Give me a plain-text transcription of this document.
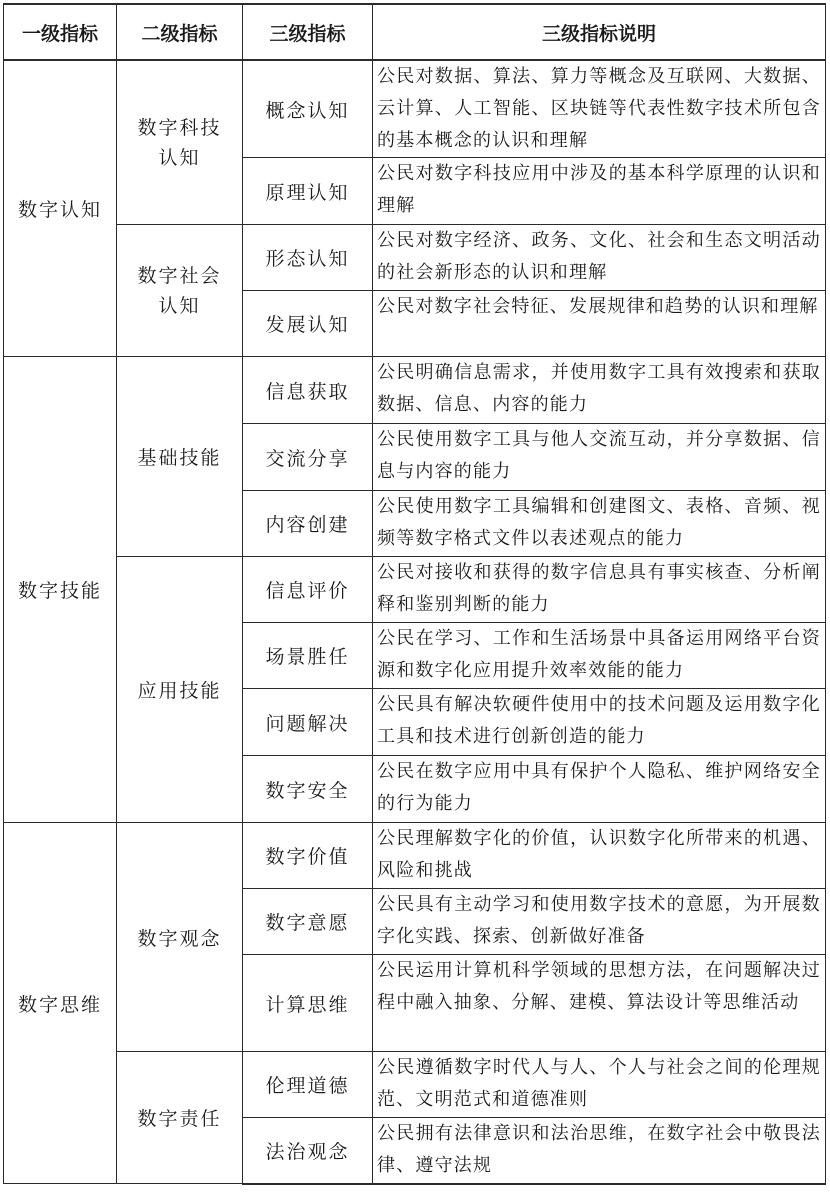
一级指标	二级指标	三级指标	三级指标说明
数字认知	数字科技认知	概念认知	公民对数据、算法、算力等概念及互联网、大数据、云计算、人工智能、区块链等代表性数字技术所包含的基本概念的认识和理解
		原理认知	公民对数字科技应用中涉及的基本科学原理的认识和理解
	数字社会认知	形态认知	公民对数字经济、政务、文化、社会和生态文明活动的社会新形态的认识和理解
		发展认知	公民对数字社会特征、发展规律和趋势的认识和理解
数字技能	基础技能	信息获取	公民明确信息需求，并使用数字工具有效搜索和获取数据、信息、内容的能力
		交流分享	公民使用数字工具与他人交流互动，并分享数据、信息与内容的能力
		内容创建	公民使用数字工具编辑和创建图文、表格、音频、视频等数字格式文件以表述观点的能力
	应用技能	信息评价	公民对接收和获得的数字信息具有事实核查、分析阐释和鉴别判断的能力
		场景胜任	公民在学习、工作和生活场景中具备运用网络平台资源和数字化应用提升效率效能的能力
		问题解决	公民具有解决软硬件使用中的技术问题及运用数字化工具和技术进行创新创造的能力
		数字安全	公民在数字应用中具有保护个人隐私、维护网络安全的行为能力
数字思维	数字观念	数字价值	公民理解数字化的价值，认识数字化所带来的机遇、风险和挑战
		数字意愿	公民具有主动学习和使用数字技术的意愿，为开展数字化实践、探索、创新做好准备
		计算思维	公民运用计算机科学领域的思想方法，在问题解决过程中融入抽象、分解、建模、算法设计等思维活动
	数字责任	伦理道德	公民遵循数字时代人与人、个人与社会之间的伦理规范、文明范式和道德准则
		法治观念	公民拥有法律意识和法治思维，在数字社会中敬畏法律、遵守法规
